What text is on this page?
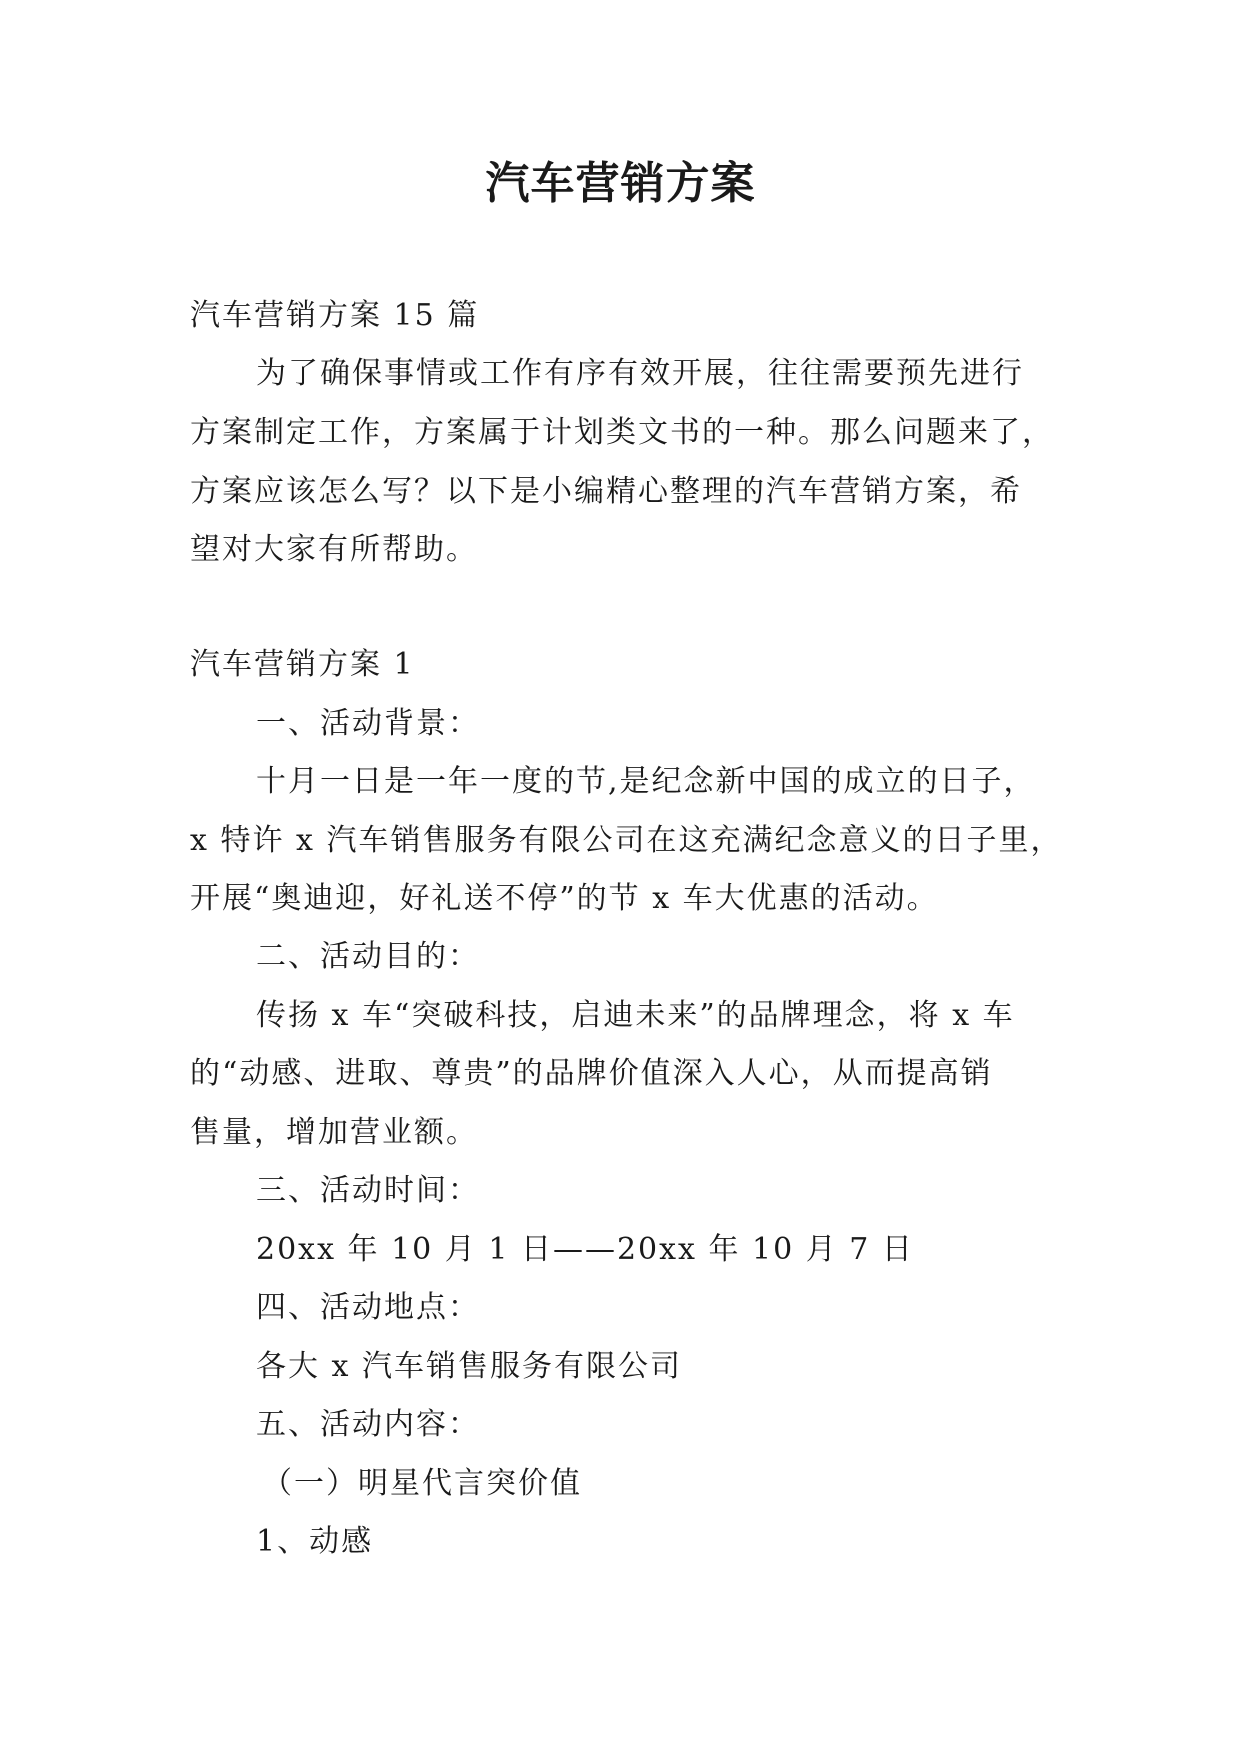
汽车营销方案
汽车营销方案 15 篇
为了确保事情或工作有序有效开展，往往需要预先进行
方案制定工作，方案属于计划类文书的一种。那么问题来了，
方案应该怎么写？以下是小编精心整理的汽车营销方案，希
望对大家有所帮助。
汽车营销方案 1
一、活动背景：
十月一日是一年一度的节,是纪念新中国的成立的日子，
x 特许 x 汽车销售服务有限公司在这充满纪念意义的日子里，
开展“奥迪迎，好礼送不停”的节 x 车大优惠的活动。
二、活动目的：
传扬 x 车“突破科技，启迪未来”的品牌理念，将 x 车
的“动感、进取、尊贵”的品牌价值深入人心，从而提高销
售量，增加营业额。
三、活动时间：
20xx 年 10 月 1 日——20xx 年 10 月 7 日
四、活动地点：
各大 x 汽车销售服务有限公司
五、活动内容：
（一）明星代言突价值
1、动感
